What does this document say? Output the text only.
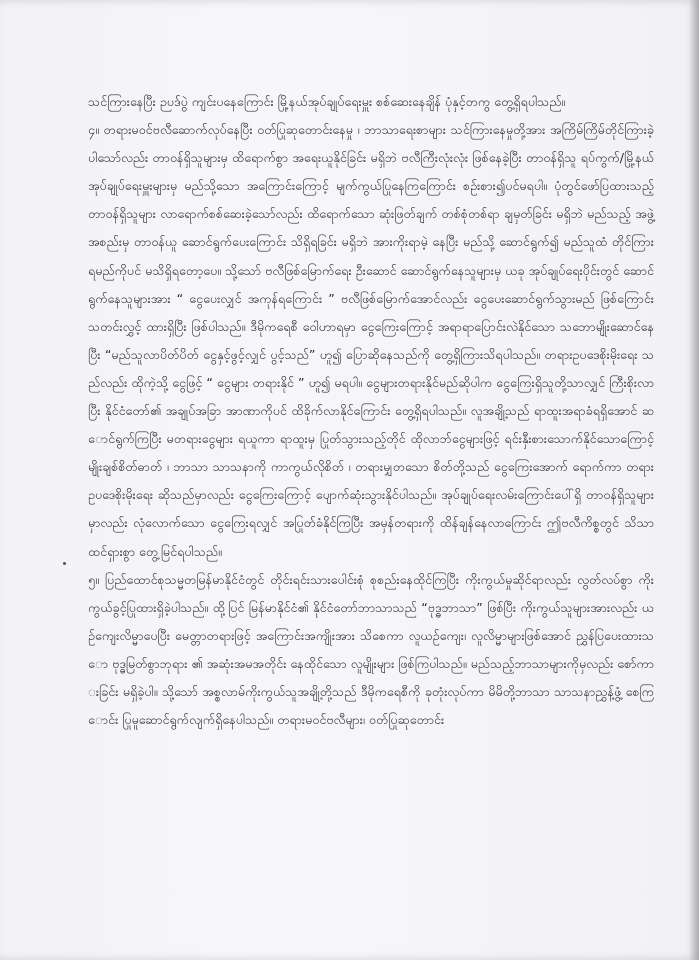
သင်ကြားနေပြီး ဉပဒ်ပွဲ ကျင်းပနေကြောင်း မြို့နယ်အုပ်ချုပ်ရေးမှူး စစ်ဆေးနေချိန် ပုံနှင့်တကွ တွေ့ရှိရပါသည်။

၄။ တရားမဝင်ဗလီဆောက်လုပ်နေပြီး ဝတ်ပြုဆုတောင်းနေမှု ၊ ဘာသာရေးစာများ သင်ကြားနေမှုတို့အား အကြိမ်ကြိမ်တိုင်ကြားခဲ့ပါသော်လည်း တာဝန်ရှိသူများမှ ထိရောက်စွာ အရေးယူနိုင်ခြင်း မရှိဘဲ ဗလီကြီးလုံးလုံး ဖြစ်နေခဲ့ပြီး တာဝန်ရှိသူ ရပ်ကွက်/မြို့နယ်အုပ်ချုပ်ရေးမှူးများမှ မည်သို့သော အကြောင်းကြောင့် မျက်ကွယ်ပြုနေကြကြောင်း စဉ်းစား၍ပင်မရပါ။ ပုံတွင်ဖော်ပြထားသည့် တာဝန်ရှိသူများ လာရောက်စစ်ဆေးခဲ့သော်လည်း ထိရောက်သော ဆုံးဖြတ်ချက် တစ်စုံတစ်ရာ ချမှတ်ခြင်း မရှိဘဲ မည်သည့် အဖွဲ့အစည်းမှ တာဝန်ယူ ဆောင်ရွက်ပေးကြောင်း သိရှိရခြင်း မရှိဘဲ အားကိုးရာမဲ့ နေပြီး မည်သို့ ဆောင်ရွက်၍ မည်သူထံ တိုင်ကြားရမည်ကိုပင် မသိရှိရတော့ပေ။ သို့သော် ဗလီဖြစ်မြောက်ရေး ဦးဆောင် ဆောင်ရွက်နေသူများမှ ယခု အုပ်ချုပ်ရေးပိုင်းတွင် ဆောင်ရွက်နေသူများအား “ ငွေပေးလျှင် အကုန်ရကြောင်း ” ဗလီဖြစ်မြောက်အောင်လည်း ငွေပေးဆောင်ရွက်သွားမည် ဖြစ်ကြောင်း သတင်းလွှင့် ထားရှိပြီး ဖြစ်ပါသည်။ ဒီမိုကရေစီ ဝေါဟာရမှာ ငွေကြေးကြောင့် အရာရာပြောင်းလဲနိုင်သော သဘောမျိုးဆောင်နေပြီး “မည်သူလာပိတ်ပိတ် ငွေနှင့်ဖွင့်လျှင် ပွင့်သည်” ဟူ၍ ပြောဆိုနေသည်ကို တွေ့ရှိကြားသိရပါသည်။ တရားဥပဒေစိုးမိုးရေး သည်လည်း ထိုကဲ့သို့ ငွေဖြင့် “ ငွေများ တရားနိုင် ” ဟူ၍ မရပါ။ ငွေများတရားနိုင်မည်ဆိုပါက ငွေကြေးရှိသူတို့သာလျှင် ကြီးစိုးလာပြီး နိုင်ငံတော်၏ အချုပ်အခြာ အာဏာကိုပင် ထိခိုက်လာနိုင်ကြောင်း တွေ့ရှိရပါသည်။ လူအချို့သည် ရာထူးအရာခံရရှိအောင် ဆောင်ရွက်ကြပြီး မတရားငွေများ ရယူကာ ရာထူးမှ ပြုတ်သွားသည့်တိုင် ထိုလာဘ်ငွေများဖြင့် ရင်းနှီးစားသောက်နိုင်သောကြောင့် မျိုးချစ်စိတ်ဓာတ် ၊ ဘာသာ သာသနာကို ကာကွယ်လိုစိတ် ၊ တရားမျှတသော စိတ်တို့သည် ငွေကြေးအောက် ရောက်ကာ တရားဥပဒေစိုးမိုးရေး ဆိုသည်မှာလည်း ငွေကြေးကြောင့် ပျောက်ဆုံးသွားနိုင်ပါသည်။ အုပ်ချုပ်ရေးလမ်းကြောင်းပေါ်ရှိ တာဝန်ရှိသူများမှာလည်း လုံလောက်သော ငွေကြေးရလျှင် အပြုတ်ခံနိုင်ကြပြီး အမှန်တရားကို ထိန်ချန်နေလာကြောင်း ဤဗလီကိစ္စတွင် သိသာထင်ရှားစွာ တွေ့မြင်ရပါသည်။

၅။ ပြည်ထောင်စုသမ္မတမြန်မာနိုင်ငံတွင် တိုင်းရင်းသားပေါင်းစုံ စုစည်းနေထိုင်ကြပြီး ကိုးကွယ်မှုဆိုင်ရာလည်း လွတ်လပ်စွာ ကိုးကွယ်ခွင့်ပြုထားရှိခဲ့ပါသည်။ ထို့ပြင် မြန်မာနိုင်ငံ၏ နိုင်ငံတော်ဘာသာသည် “ဗုဒ္ဓဘာသာ” ဖြစ်ပြီး ကိုးကွယ်သူများအားလည်း ယဉ်ကျေးလိမ္မာပေပြီး မေတ္တာတရားဖြင့် အကြောင်းအကျိုးအား သိစေကာ လူယဉ်ကျေး၊ လူလိမ္မာများဖြစ်အောင် ညွှန်ပြပေးထားသော ဗုဒ္ဓမြတ်စွာဘုရား ၏ အဆုံးအမအတိုင်း နေထိုင်သော လူမျိုးများ ဖြစ်ကြပါသည်။ မည်သည့်ဘာသာများကိုမှလည်း စော်ကားခြင်း မရှိခဲ့ပါ။ သို့သော် အစ္စလာမ်ကိုးကွယ်သူအချို့တို့သည် ဒီမိုကရေစီကို ခုတုံးလုပ်ကာ မိမိတို့ဘာသာ သာသနာညွှန့်ဖွံ့ စေကြောင်း ပြုမူဆောင်ရွက်လျက်ရှိနေပါသည်။ တရားမဝင်ဗလီများ၊ ဝတ်ပြုဆုတောင်း
